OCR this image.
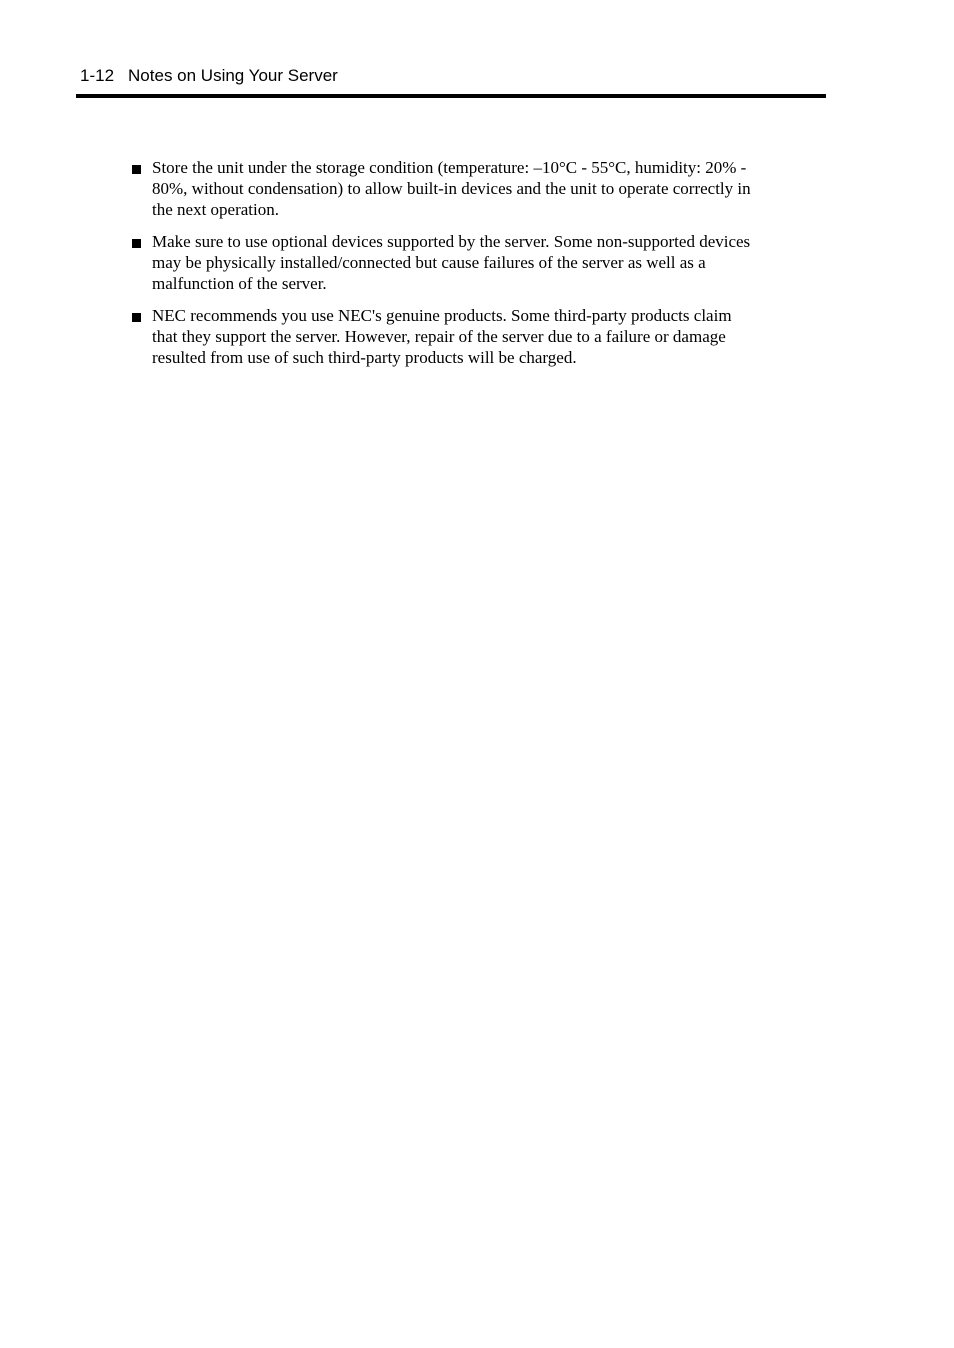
1-12 Notes on Using Your Server
Store the unit under the storage condition (temperature: –10°C - 55°C, humidity: 20% -
80%, without condensation) to allow built-in devices and the unit to operate correctly in
the next operation.
Make sure to use optional devices supported by the server. Some non-supported devices
may be physically installed/connected but cause failures of the server as well as a
malfunction of the server.
NEC recommends you use NEC's genuine products. Some third-party products claim
that they support the server. However, repair of the server due to a failure or damage
resulted from use of such third-party products will be charged.
